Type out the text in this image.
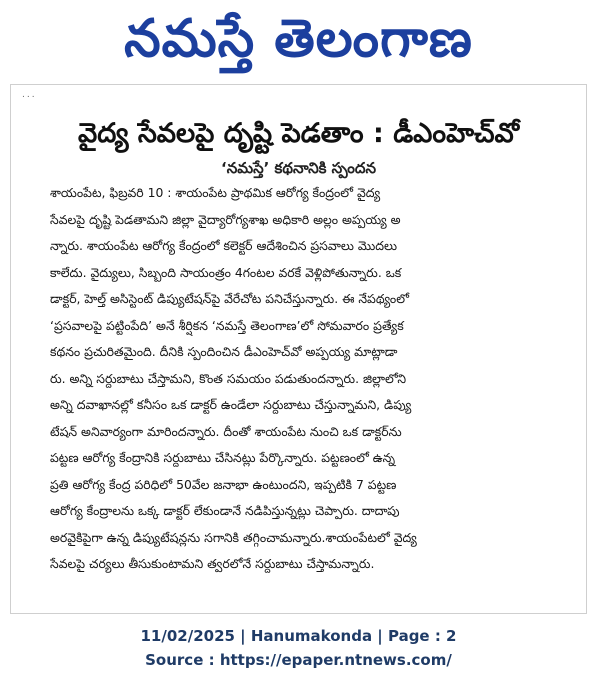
నమస్తే తెలంగాణ
...
వైద్య సేవలపై దృష్టి పెడతాం : డీఎంహెచ్‌వో
‘నమస్తే’ కథనానికి స్పందన
శాయంపేట, ఫిబ్రవరి 10 : శాయంపేట ప్రాథమిక ఆరోగ్య కేంద్రంలో వైద్య
సేవలపై దృష్టి పెడతామని జిల్లా వైద్యారోగ్యశాఖ అధికారి అల్లం అప్పయ్య అ
న్నారు. శాయంపేట ఆరోగ్య కేంద్రంలో కలెక్టర్ ఆదేశించిన ప్రసవాలు మొదలు
కాలేదు. వైద్యులు, సిబ్బంది సాయంత్రం 4గంటల వరకే వెళ్లిపోతున్నారు. ఒక
డాక్టర్, హెల్త్ అసిస్టెంట్ డిప్యుటేషన్‌పై వేరేచోట పనిచేస్తున్నారు. ఈ నేపథ్యంలో
‘ప్రసవాలపై పట్టింపేది’ అనే శీర్షికన ‘నమస్తే తెలంగాణ’లో సోమవారం ప్రత్యేక
కథనం ప్రచురితమైంది. దీనికి స్పందించిన డీఎంహెచ్‌వో అప్పయ్య మాట్లాడా
రు. అన్ని సర్దుబాటు చేస్తామని, కొంత సమయం పడుతుందన్నారు. జిల్లాలోని
అన్ని దవాఖానల్లో కనీసం ఒక డాక్టర్ ఉండేలా సర్దుబాటు చేస్తున్నామని, డిప్యు
టేషన్ అనివార్యంగా మారిందన్నారు. దీంతో శాయంపేట నుంచి ఒక డాక్టర్‌ను
పట్టణ ఆరోగ్య కేంద్రానికి సర్దుబాటు చేసినట్లు పేర్కొన్నారు. పట్టణంలో ఉన్న
ప్రతి ఆరోగ్య కేంద్ర పరిధిలో 50వేల జనాభా ఉంటుందని, ఇప్పటికి 7 పట్టణ
ఆరోగ్య కేంద్రాలను ఒక్క డాక్టర్ లేకుండానే నడిపిస్తున్నట్లు చెప్పారు. దాదాపు
అరవైకిపైగా ఉన్న డిప్యుటేషన్లను సగానికి తగ్గించామన్నారు.శాయంపేటలో వైద్య
సేవలపై చర్యలు తీసుకుంటామని త్వరలోనే సర్దుబాటు చేస్తామన్నారు.
11/02/2025 | Hanumakonda | Page : 2
Source : https://epaper.ntnews.com/
